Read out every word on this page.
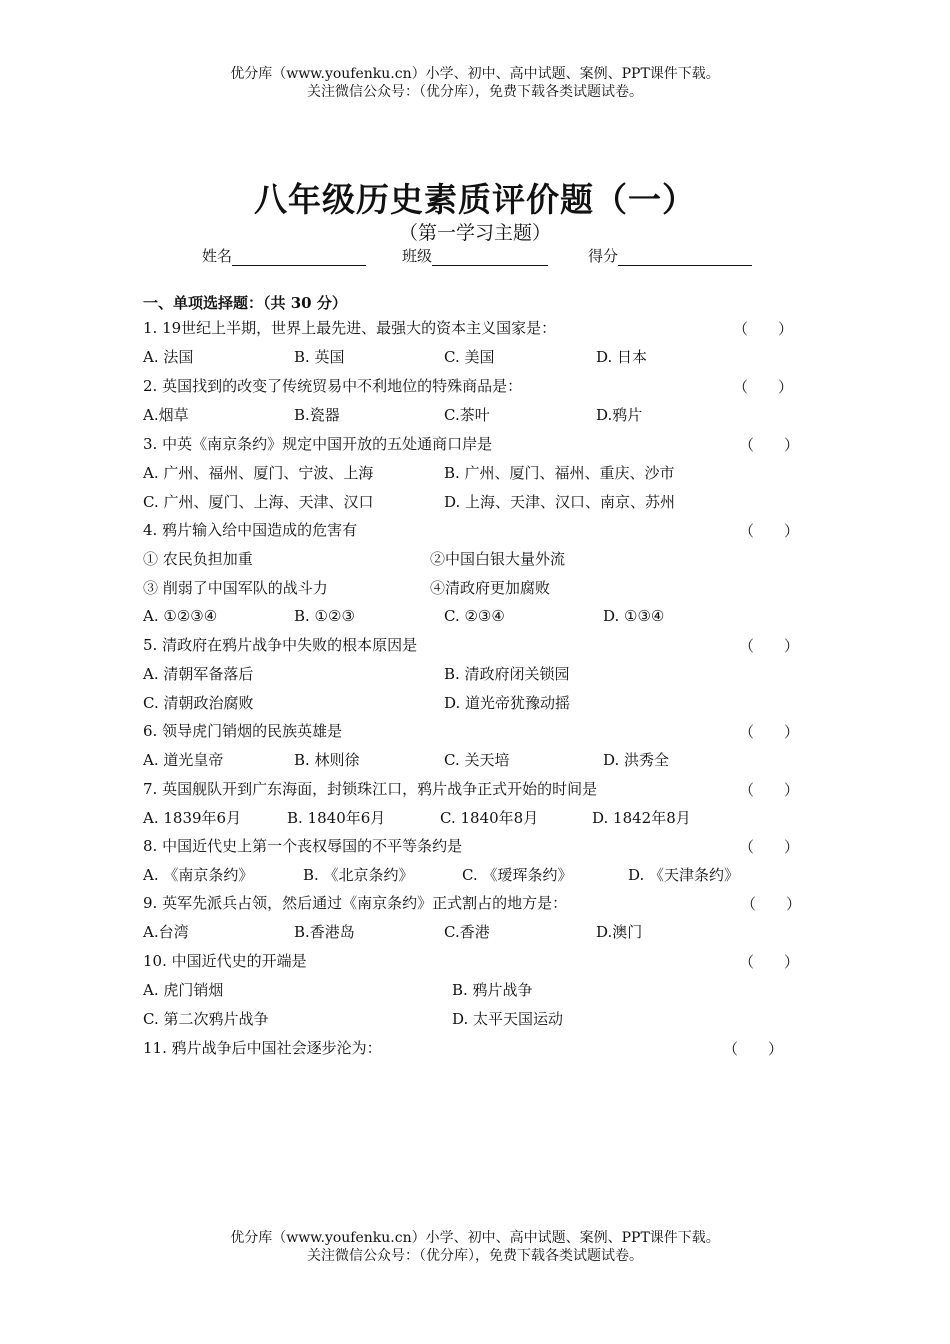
优分库（www.youfenku.cn）小学、初中、高中试题、案例、PPT课件下载。
关注微信公众号：（优分库），免费下载各类试题试卷。
八年级历史素质评价题（一）
（第一学习主题）
姓名	班级	得分
一、单项选择题：（共 30 分）
1. 19世纪上半期，世界上最先进、最强大的资本主义国家是：	（　　）
A. 法国	B. 英国	C. 美国	D. 日本
2. 英国找到的改变了传统贸易中不利地位的特殊商品是：	（　　）
A.烟草	B.瓷器	C.茶叶	D.鸦片
3. 中英《南京条约》规定中国开放的五处通商口岸是	（　　）
A. 广州、福州、厦门、宁波、上海	B. 广州、厦门、福州、重庆、沙市
C. 广州、厦门、上海、天津、汉口	D. 上海、天津、汉口、南京、苏州
4. 鸦片输入给中国造成的危害有	（　　）
① 农民负担加重	②中国白银大量外流
③ 削弱了中国军队的战斗力	④清政府更加腐败
A. ①②③④	B. ①②③	C. ②③④	D. ①③④
5. 清政府在鸦片战争中失败的根本原因是	（　　）
A. 清朝军备落后	B. 清政府闭关锁园
C. 清朝政治腐败	D. 道光帝犹豫动摇
6. 领导虎门销烟的民族英雄是	（　　）
A. 道光皇帝	B. 林则徐	C. 关天培	D. 洪秀全
7. 英国舰队开到广东海面，封锁珠江口，鸦片战争正式开始的时间是	（　　）
A. 1839年6月	B. 1840年6月	C. 1840年8月	D. 1842年8月
8. 中国近代史上第一个丧权辱国的不平等条约是	（　　）
A. 《南京条约》	B. 《北京条约》	C. 《瑷珲条约》	D. 《天津条约》
9. 英军先派兵占领，然后通过《南京条约》正式割占的地方是：	（　　）
A.台湾	B.香港岛	C.香港	D.澳门
10. 中国近代史的开端是	（　　）
A. 虎门销烟	B. 鸦片战争
C. 第二次鸦片战争	D. 太平天国运动
11. 鸦片战争后中国社会逐步沦为：	（　　）
优分库（www.youfenku.cn）小学、初中、高中试题、案例、PPT课件下载。
关注微信公众号：（优分库），免费下载各类试题试卷。
